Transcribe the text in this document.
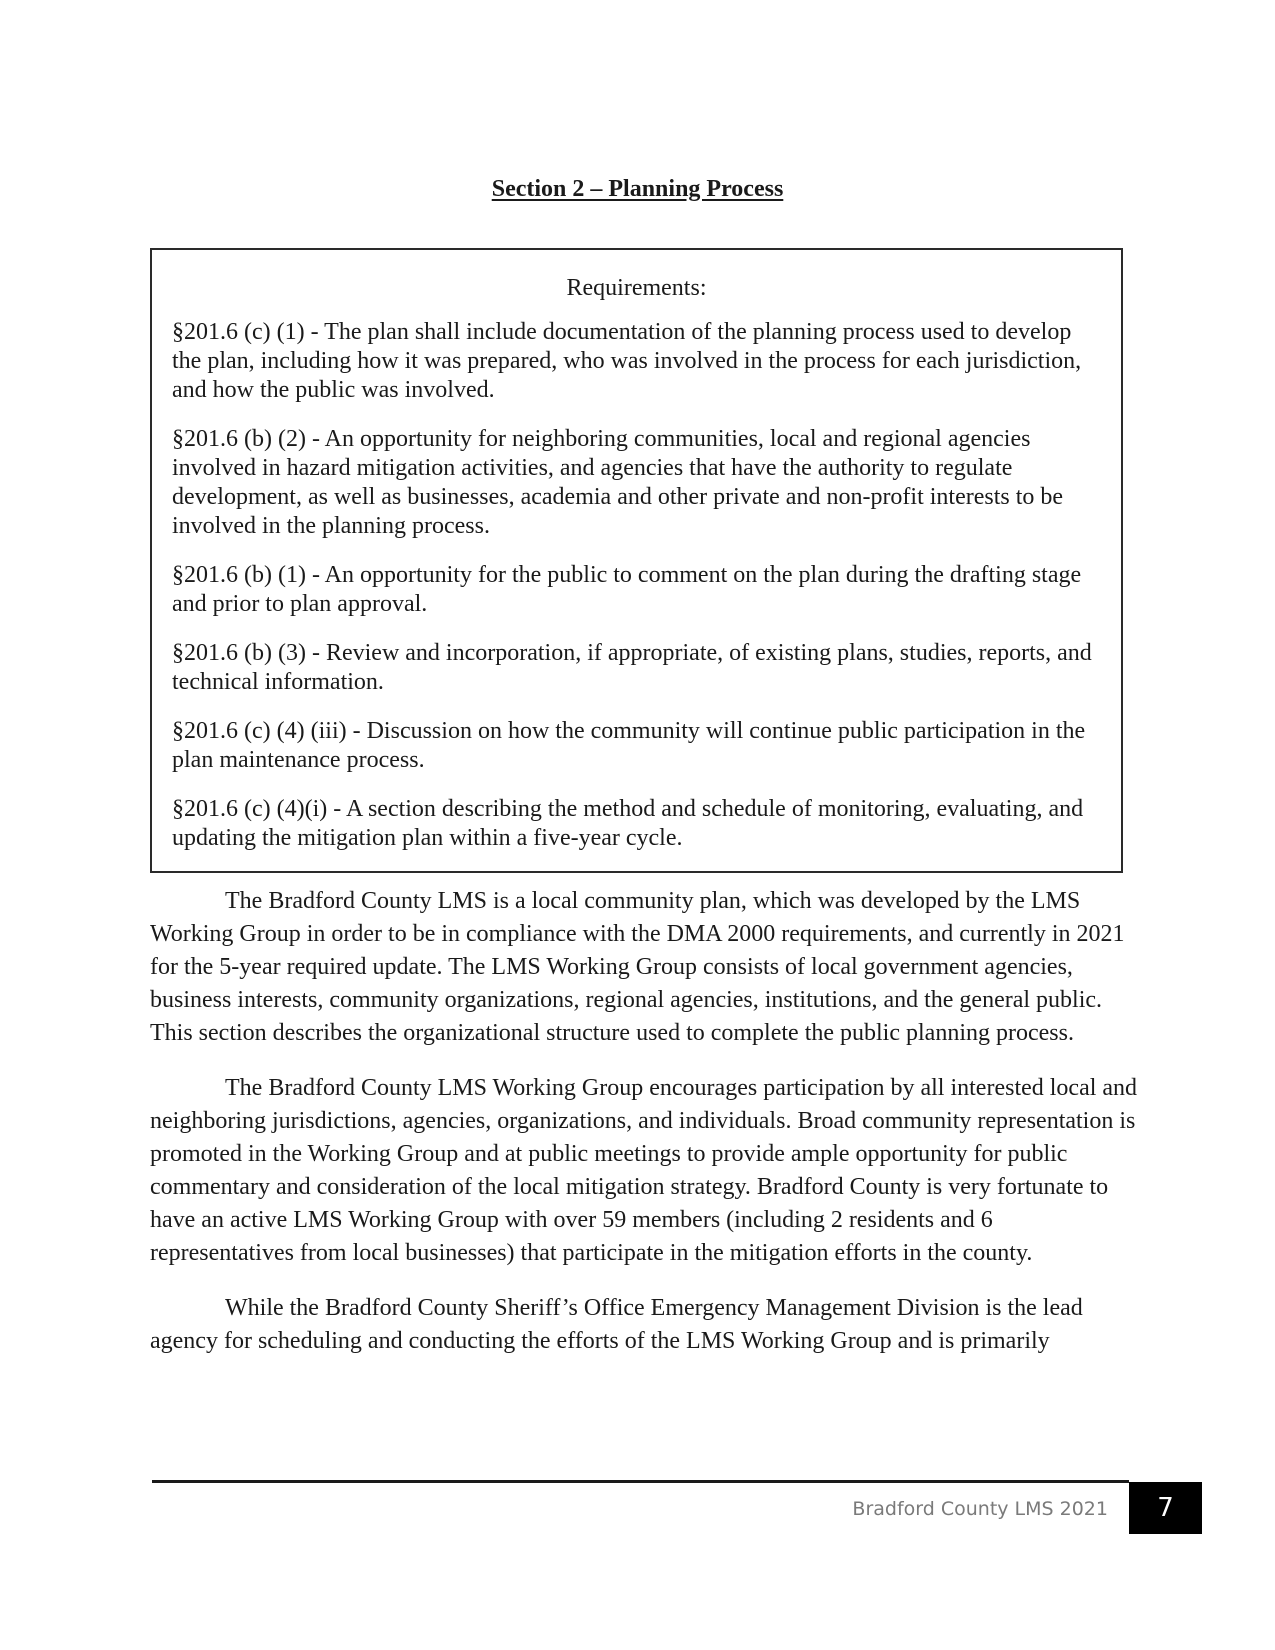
Section 2 – Planning Process
Requirements:

§201.6 (c) (1) - The plan shall include documentation of the planning process used to develop the plan, including how it was prepared, who was involved in the process for each jurisdiction, and how the public was involved.

§201.6 (b) (2) - An opportunity for neighboring communities, local and regional agencies involved in hazard mitigation activities, and agencies that have the authority to regulate development, as well as businesses, academia and other private and non-profit interests to be involved in the planning process.

§201.6 (b) (1) - An opportunity for the public to comment on the plan during the drafting stage and prior to plan approval.

§201.6 (b) (3) - Review and incorporation, if appropriate, of existing plans, studies, reports, and technical information.

§201.6 (c) (4) (iii) - Discussion on how the community will continue public participation in the plan maintenance process.

§201.6 (c) (4)(i) - A section describing the method and schedule of monitoring, evaluating, and updating the mitigation plan within a five-year cycle.

The Bradford County LMS is a local community plan, which was developed by the LMS Working Group in order to be in compliance with the DMA 2000 requirements, and currently in 2021 for the 5-year required update. The LMS Working Group consists of local government agencies, business interests, community organizations, regional agencies, institutions, and the general public. This section describes the organizational structure used to complete the public planning process.

The Bradford County LMS Working Group encourages participation by all interested local and neighboring jurisdictions, agencies, organizations, and individuals. Broad community representation is promoted in the Working Group and at public meetings to provide ample opportunity for public commentary and consideration of the local mitigation strategy. Bradford County is very fortunate to have an active LMS Working Group with over 59 members (including 2 residents and 6 representatives from local businesses) that participate in the mitigation efforts in the county.

While the Bradford County Sheriff’s Office Emergency Management Division is the lead agency for scheduling and conducting the efforts of the LMS Working Group and is primarily

Bradford County LMS 2021	7
